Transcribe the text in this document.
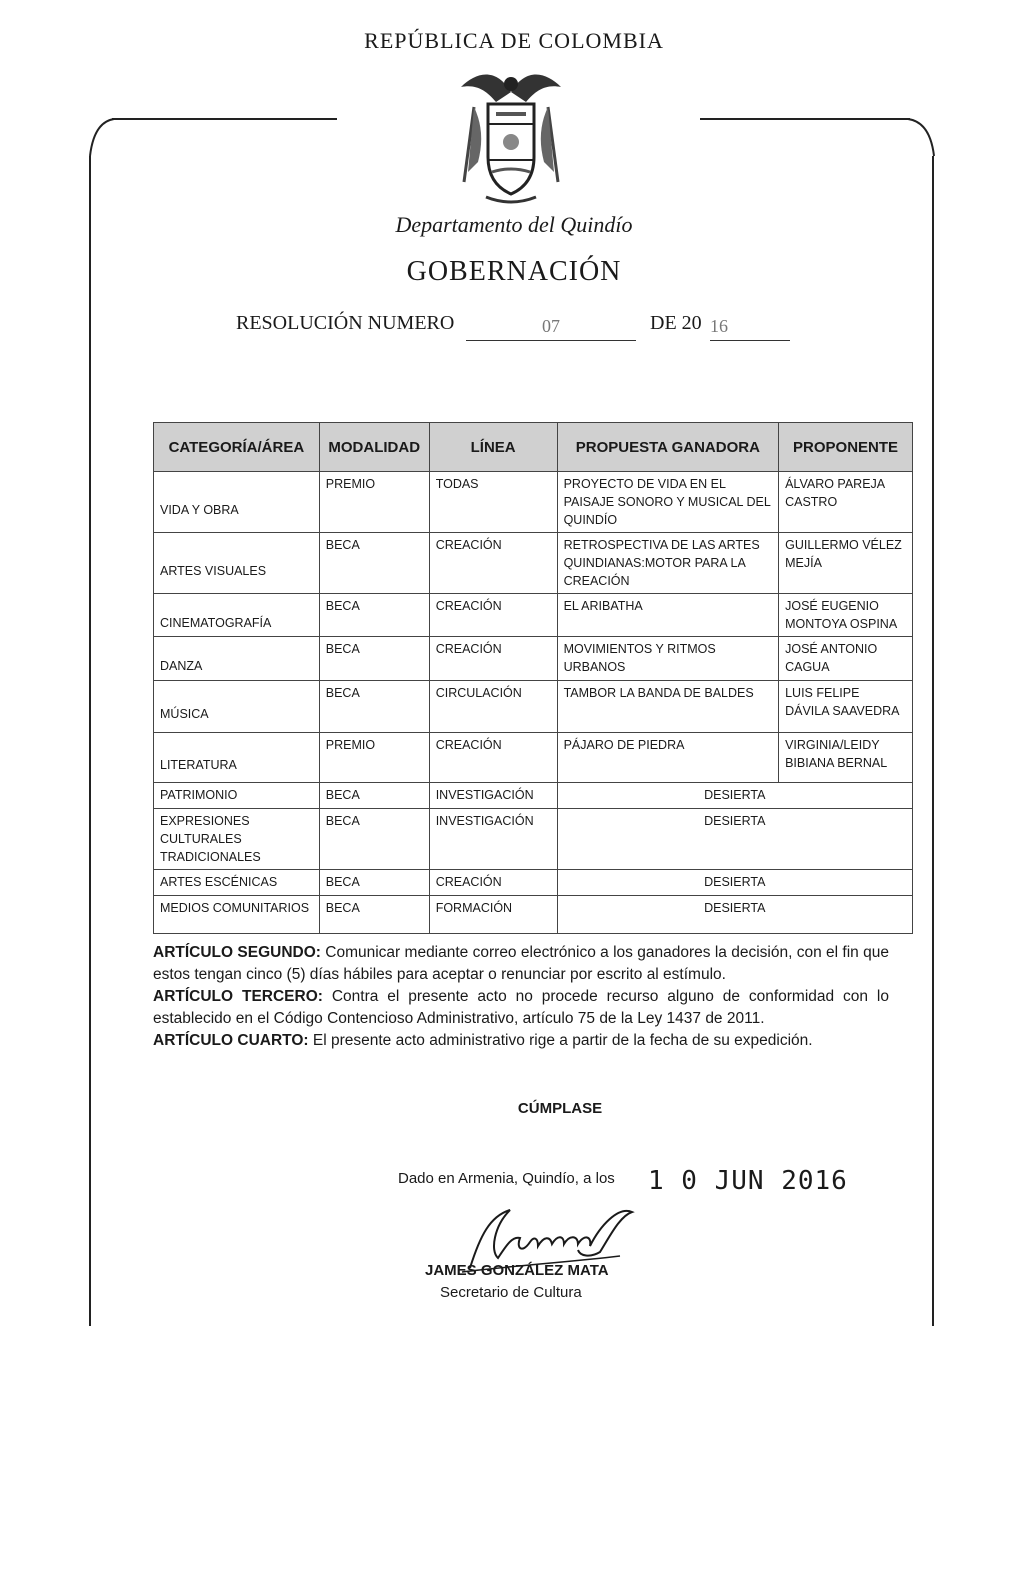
REPÚBLICA DE COLOMBIA
Departamento del Quindío
GOBERNACIÓN
RESOLUCIÓN NUMERO	07	DE 20 16
CATEGORÍA/ÁREA	MODALIDAD	LÍNEA	PROPUESTA GANADORA	PROPONENTE
VIDA Y OBRA	PREMIO	TODAS	PROYECTO DE VIDA EN EL PAISAJE SONORO Y MUSICAL DEL QUINDÍO	ÁLVARO PAREJA CASTRO
ARTES VISUALES	BECA	CREACIÓN	RETROSPECTIVA DE LAS ARTES QUINDIANAS:MOTOR PARA LA CREACIÓN	GUILLERMO VÉLEZ MEJÍA
CINEMATOGRAFÍA	BECA	CREACIÓN	EL ARIBATHA	JOSÉ EUGENIO MONTOYA OSPINA
DANZA	BECA	CREACIÓN	MOVIMIENTOS Y RITMOS URBANOS	JOSÉ ANTONIO CAGUA
MÚSICA	BECA	CIRCULACIÓN	TAMBOR LA BANDA DE BALDES	LUIS FELIPE DÁVILA SAAVEDRA
LITERATURA	PREMIO	CREACIÓN	PÁJARO DE PIEDRA	VIRGINIA/LEIDY BIBIANA BERNAL
PATRIMONIO	BECA	INVESTIGACIÓN	DESIERTA	
EXPRESIONES CULTURALES TRADICIONALES	BECA	INVESTIGACIÓN	DESIERTA	
ARTES ESCÉNICAS	BECA	CREACIÓN	DESIERTA	
MEDIOS COMUNITARIOS	BECA	FORMACIÓN	DESIERTA	
ARTÍCULO SEGUNDO: Comunicar mediante correo electrónico a los ganadores la decisión, con el fin que estos tengan cinco (5) días hábiles para aceptar o renunciar por escrito al estímulo.
ARTÍCULO TERCERO: Contra el presente acto no procede recurso alguno de conformidad con lo establecido en el Código Contencioso Administrativo, artículo 75 de la Ley 1437 de 2011.
ARTÍCULO CUARTO: El presente acto administrativo rige a partir de la fecha de su expedición.
CÚMPLASE
Dado en Armenia, Quindío, a los 1 0 JUN 2016
JAMES GONZÁLEZ MATA
Secretario de Cultura
